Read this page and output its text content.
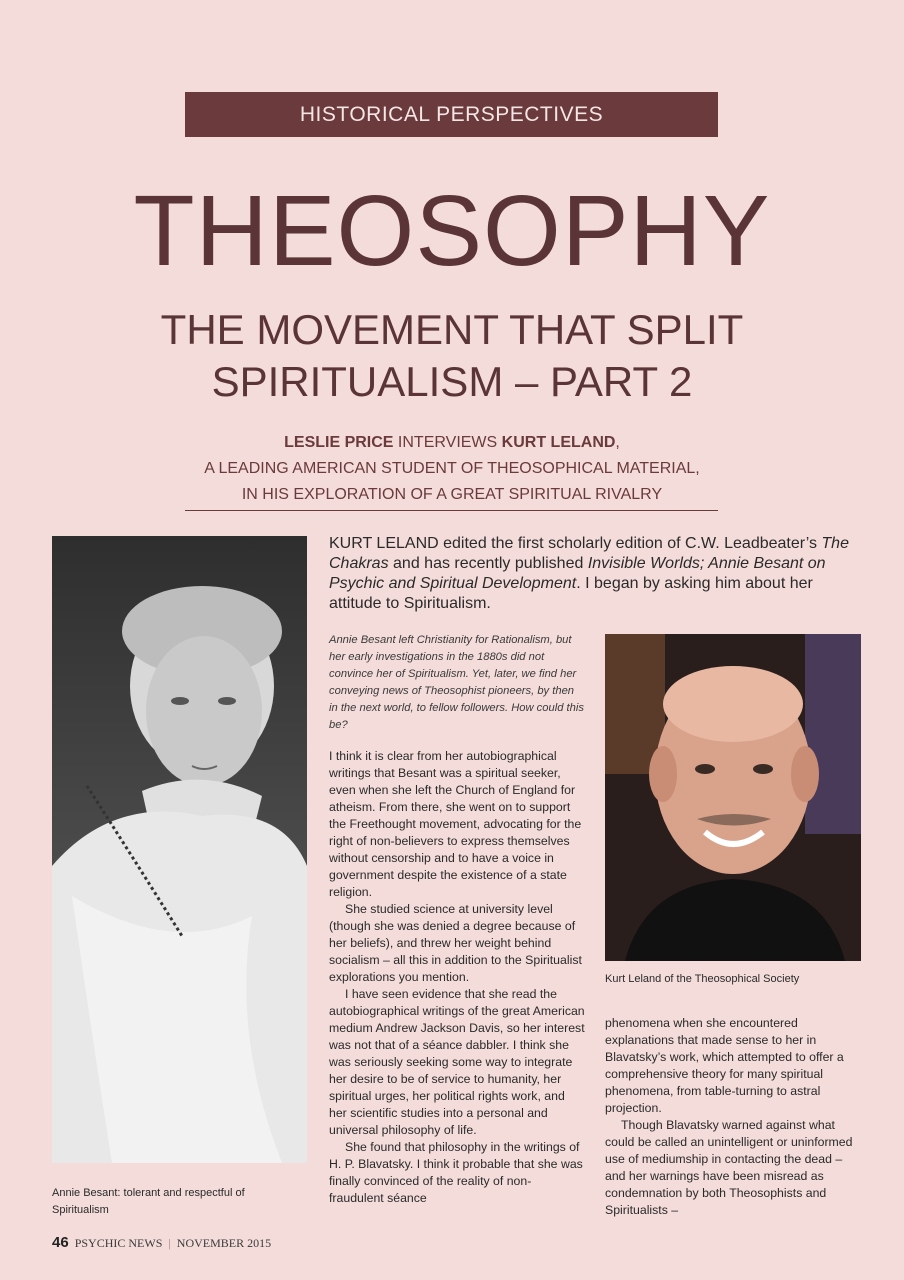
HISTORICAL PERSPECTIVES
THEOSOPHY
THE MOVEMENT THAT SPLIT
SPIRITUALISM – PART 2
LESLIE PRICE INTERVIEWS KURT LELAND,
A LEADING AMERICAN STUDENT OF THEOSOPHICAL MATERIAL,
IN HIS EXPLORATION OF A GREAT SPIRITUAL RIVALRY
Annie Besant: tolerant and respectful of Spiritualism
KURT LELAND edited the first scholarly edition of C.W. Leadbeater’s The Chakras and has recently published Invisible Worlds; Annie Besant on Psychic and Spiritual Development. I began by asking him about her attitude to Spiritualism.
Annie Besant left Christianity for Rationalism, but her early investigations in the 1880s did not convince her of Spiritualism. Yet, later, we find her conveying news of Theosophist pioneers, by then in the next world, to fellow followers. How could this be?

I think it is clear from her autobiographical writings that Besant was a spiritual seeker, even when she left the Church of England for atheism. From there, she went on to support the Freethought movement, advocating for the right of non-believers to express themselves without censorship and to have a voice in government despite the existence of a state religion.

She studied science at university level (though she was denied a degree because of her beliefs), and threw her weight behind socialism – all this in addition to the Spiritualist explorations you mention.

I have seen evidence that she read the autobiographical writings of the great American medium Andrew Jackson Davis, so her interest was not that of a séance dabbler. I think she was seriously seeking some way to integrate her desire to be of service to humanity, her spiritual urges, her political rights work, and her scientific studies into a personal and universal philosophy of life.

She found that philosophy in the writings of H. P. Blavatsky. I think it probable that she was finally convinced of the reality of non-fraudulent séance

Kurt Leland of the Theosophical Society

phenomena when she encountered explanations that made sense to her in Blavatsky’s work, which attempted to offer a comprehensive theory for many spiritual phenomena, from table-turning to astral projection.

Though Blavatsky warned against what could be called an unintelligent or uninformed use of mediumship in contacting the dead – and her warnings have been misread as condemnation by both Theosophists and Spiritualists –

46 PSYCHIC NEWS | NOVEMBER 2015
